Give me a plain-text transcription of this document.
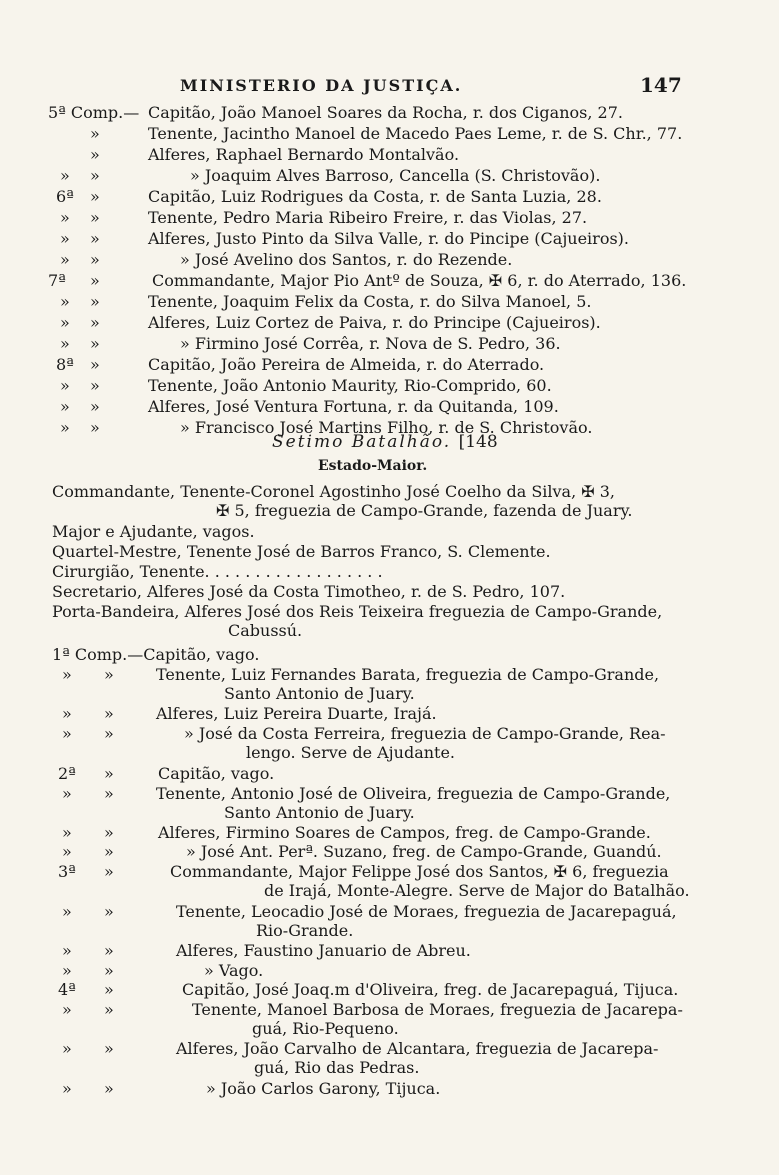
MINISTERIO DA JUSTIÇA.	147
5ª Comp.— Capitão, João Manoel Soares da Rocha, r. dos Ciganos, 27.
»	Tenente, Jacintho Manoel de Macedo Paes Leme, r. de S. Chr., 77.
»	Alferes, Raphael Bernardo Montalvão.
» »	» Joaquim Alves Barroso, Cancella (S. Christovão).
6ª »	Capitão, Luiz Rodrigues da Costa, r. de Santa Luzia, 28.
» »	Tenente, Pedro Maria Ribeiro Freire, r. das Violas, 27.
» »	Alferes, Justo Pinto da Silva Valle, r. do Pincipe (Cajueiros).
» »	» José Avelino dos Santos, r. do Rezende.
7ª »	Commandante, Major Pio Antº de Souza, ✠ 6, r. do Aterrado, 136.
» »	Tenente, Joaquim Felix da Costa, r. do Silva Manoel, 5.
» »	Alferes, Luiz Cortez de Paiva, r. do Principe (Cajueiros).
» »	» Firmino José Corrêa, r. Nova de S. Pedro, 36.
8ª »	Capitão, João Pereira de Almeida, r. do Aterrado.
» »	Tenente, João Antonio Maurity, Rio-Comprido, 60.
» »	Alferes, José Ventura Fortuna, r. da Quitanda, 109.
» »	» Francisco José Martins Filho, r. de S. Christovão.
Setimo Batalhão. [148
Estado-Maior.
Commandante, Tenente-Coronel Agostinho José Coelho da Silva, ✠ 3,
✠ 5, freguezia de Campo-Grande, fazenda de Juary.
Major e Ajudante, vagos.
Quartel-Mestre, Tenente José de Barros Franco, S. Clemente.
Cirurgião, Tenente. . . . . . . . . . . . . . . . . .
Secretario, Alferes José da Costa Timotheo, r. de S. Pedro, 107.
Porta-Bandeira, Alferes José dos Reis Teixeira freguezia de Campo-Grande,
Cabussú.
1ª Comp.—Capitão, vago.
» »	Tenente, Luiz Fernandes Barata, freguezia de Campo-Grande,
Santo Antonio de Juary.
» »	Alferes, Luiz Pereira Duarte, Irajá.
» »	» José da Costa Ferreira, freguezia de Campo-Grande, Rea-
lengo. Serve de Ajudante.
2ª »	Capitão, vago.
» »	Tenente, Antonio José de Oliveira, freguezia de Campo-Grande,
Santo Antonio de Juary.
» »	Alferes, Firmino Soares de Campos, freg. de Campo-Grande.
» »	» José Ant. Perª. Suzano, freg. de Campo-Grande, Guandú.
3ª »	Commandante, Major Felippe José dos Santos, ✠ 6, freguezia
de Irajá, Monte-Alegre. Serve de Major do Batalhão.
» »	Tenente, Leocadio José de Moraes, freguezia de Jacarepaguá,
Rio-Grande.
» »	Alferes, Faustino Januario de Abreu.
» »	» Vago.
4ª »	Capitão, José Joaq.m d'Oliveira, freg. de Jacarepaguá, Tijuca.
» »	Tenente, Manoel Barbosa de Moraes, freguezia de Jacarepa-
guá, Rio-Pequeno.
» »	Alferes, João Carvalho de Alcantara, freguezia de Jacarepa-
guá, Rio das Pedras.
» »	» João Carlos Garony, Tijuca.
